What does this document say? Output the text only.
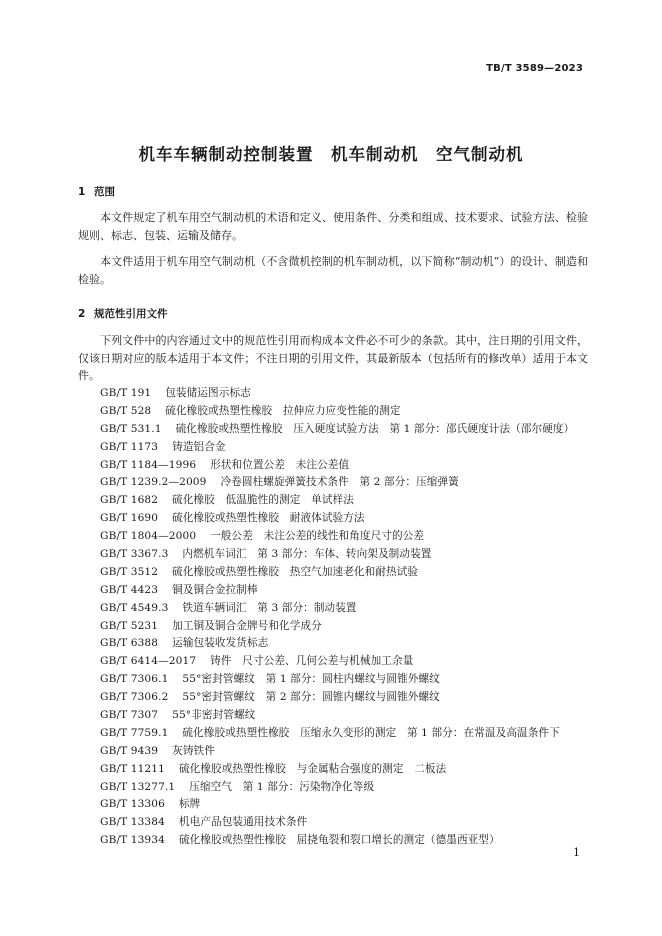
TB/T 3589—2023
机车车辆制动控制装置　机车制动机　空气制动机
1 范围

本文件规定了机车用空气制动机的术语和定义、使用条件、分类和组成、技术要求、试验方法、检验规则、标志、包装、运输及储存。

本文件适用于机车用空气制动机（不含微机控制的机车制动机，以下简称“制动机”）的设计、制造和检验。

2 规范性引用文件

下列文件中的内容通过文中的规范性引用而构成本文件必不可少的条款。其中，注日期的引用文件，仅该日期对应的版本适用于本文件；不注日期的引用文件，其最新版本（包括所有的修改单）适用于本文件。

GB/T 191 包装储运图示标志
GB/T 528 硫化橡胶或热塑性橡胶　拉伸应力应变性能的测定
GB/T 531.1 硫化橡胶或热塑性橡胶　压入硬度试验方法　第 1 部分：邵氏硬度计法（邵尔硬度）
GB/T 1173 铸造铝合金
GB/T 1184—1996 形状和位置公差　未注公差值
GB/T 1239.2—2009 冷卷圆柱螺旋弹簧技术条件　第 2 部分：压缩弹簧
GB/T 1682 硫化橡胶　低温脆性的测定　单试样法
GB/T 1690 硫化橡胶或热塑性橡胶　耐液体试验方法
GB/T 1804—2000 一般公差　未注公差的线性和角度尺寸的公差
GB/T 3367.3 内燃机车词汇　第 3 部分：车体、转向架及制动装置
GB/T 3512 硫化橡胶或热塑性橡胶　热空气加速老化和耐热试验
GB/T 4423 铜及铜合金拉制棒
GB/T 4549.3 铁道车辆词汇　第 3 部分：制动装置
GB/T 5231 加工铜及铜合金牌号和化学成分
GB/T 6388 运输包装收发货标志
GB/T 6414—2017 铸件　尺寸公差、几何公差与机械加工余量
GB/T 7306.1 55°密封管螺纹　第 1 部分：圆柱内螺纹与圆锥外螺纹
GB/T 7306.2 55°密封管螺纹　第 2 部分：圆锥内螺纹与圆锥外螺纹
GB/T 7307 55°非密封管螺纹
GB/T 7759.1 硫化橡胶或热塑性橡胶　压缩永久变形的测定　第 1 部分：在常温及高温条件下
GB/T 9439 灰铸铁件
GB/T 11211 硫化橡胶或热塑性橡胶　与金属粘合强度的测定　二板法
GB/T 13277.1 压缩空气　第 1 部分：污染物净化等级
GB/T 13306 标牌
GB/T 13384 机电产品包装通用技术条件
GB/T 13934 硫化橡胶或热塑性橡胶　屈挠龟裂和裂口增长的测定（德墨西亚型）
1
